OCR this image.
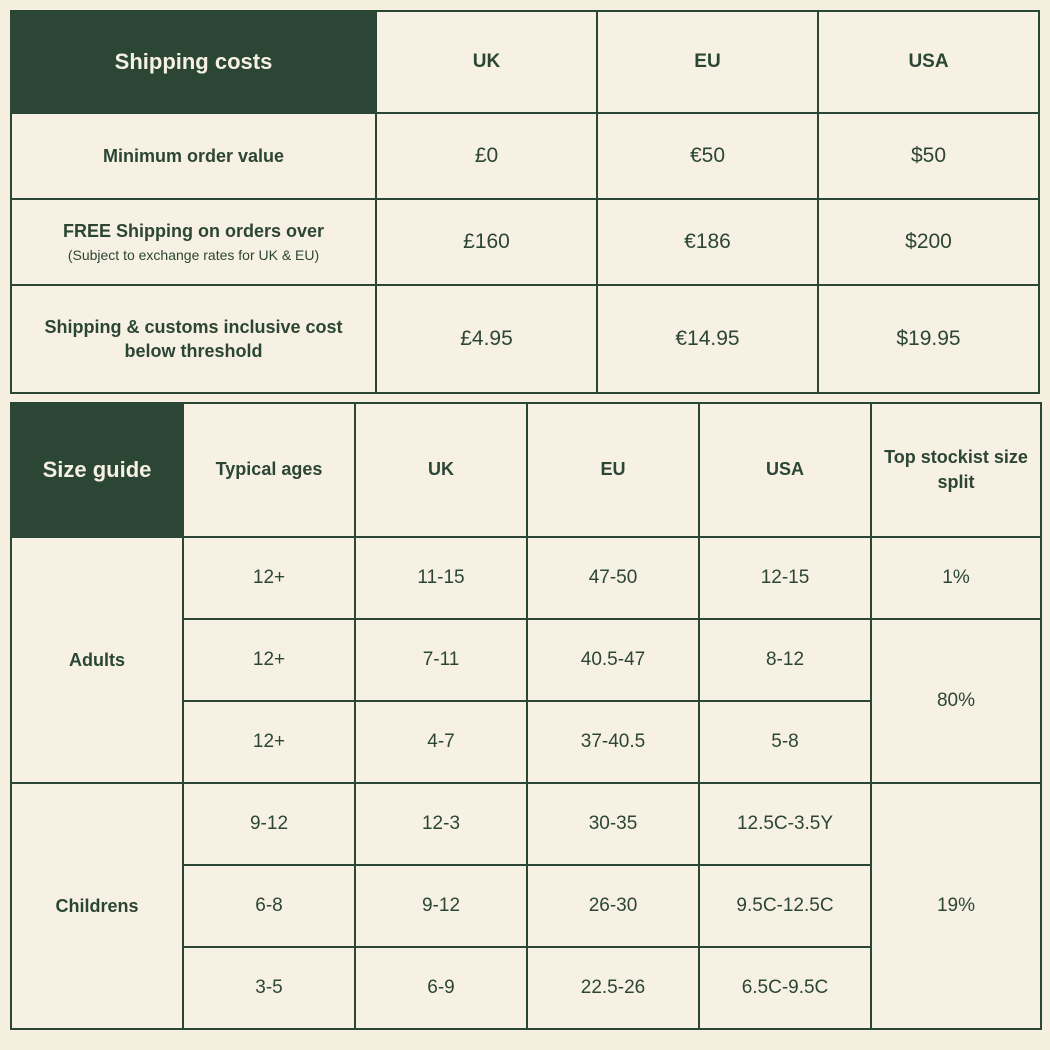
Shipping costs	UK	EU	USA
Minimum order value	£0	€50	$50
FREE Shipping on orders over
(Subject to exchange rates for UK & EU)	£160	€186	$200
Shipping & customs inclusive cost below threshold	£4.95	€14.95	$19.95
Size guide	Typical ages	UK	EU	USA	Top stockist size split
Adults	12+	11-15	47-50	12-15	1%
	12+	7-11	40.5-47	8-12	80%
	12+	4-7	37-40.5	5-8	
Childrens	9-12	12-3	30-35	12.5C-3.5Y	19%
	6-8	9-12	26-30	9.5C-12.5C	
	3-5	6-9	22.5-26	6.5C-9.5C	
